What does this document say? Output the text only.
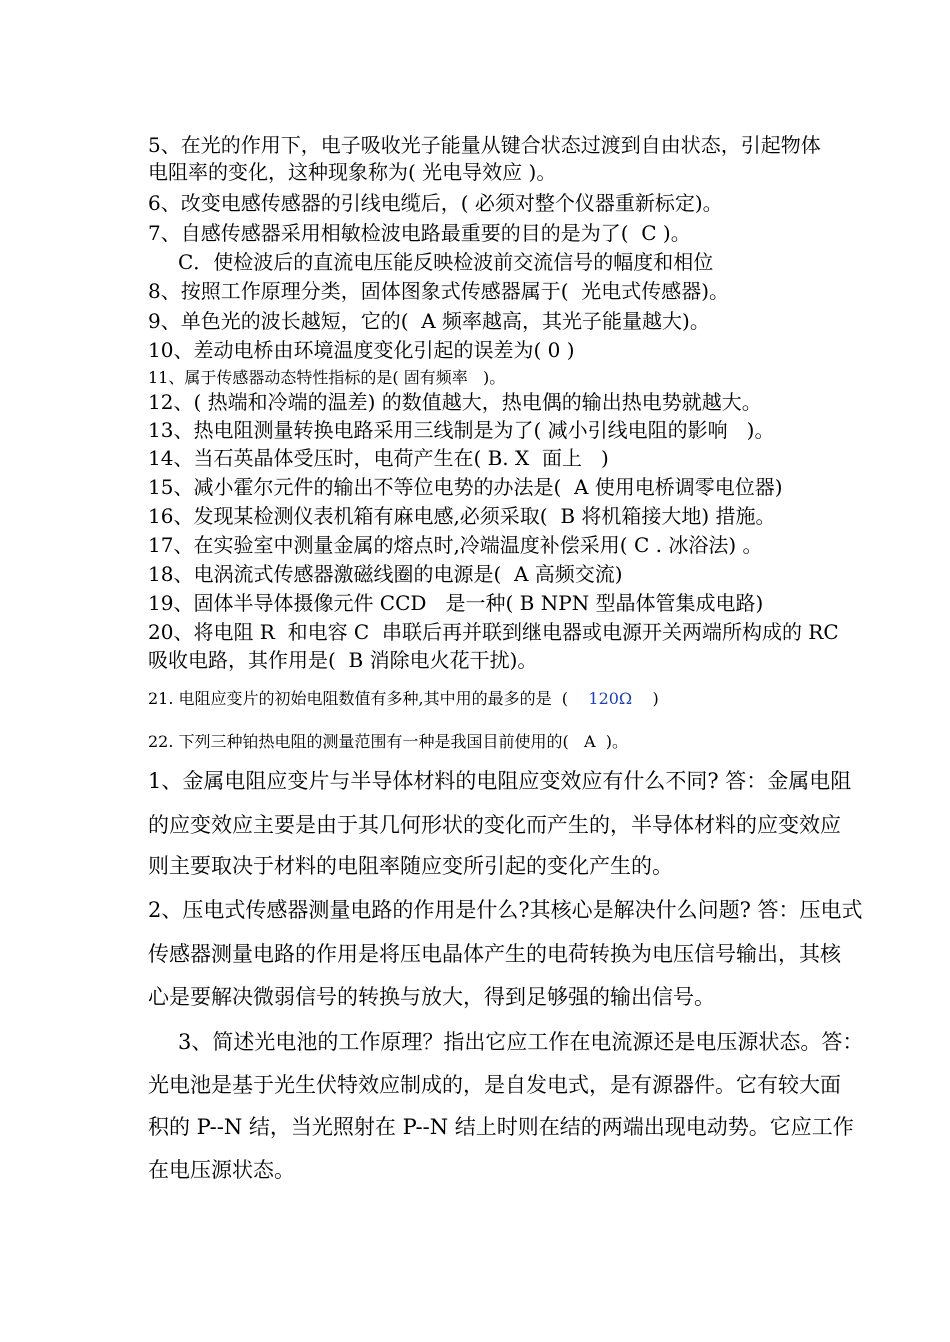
5、在光的作用下，电子吸收光子能量从键合状态过渡到自由状态，引起物体
电阻率的变化，这种现象称为( 光电导效应 )。
6、改变电感传感器的引线电缆后，( 必须对整个仪器重新标定)。
7、自感传感器采用相敏检波电路最重要的目的是为了(  C )。
C．使检波后的直流电压能反映检波前交流信号的幅度和相位
8、按照工作原理分类，固体图象式传感器属于(  光电式传感器)。
9、单色光的波长越短，它的(  A 频率越高，其光子能量越大)。
10、差动电桥由环境温度变化引起的误差为( 0 )
11、属于传感器动态特性指标的是( 固有频率   )。
12、( 热端和冷端的温差) 的数值越大，热电偶的输出热电势就越大。
13、热电阻测量转换电路采用三线制是为了( 减小引线电阻的影响   )。
14、当石英晶体受压时，电荷产生在( B. X  面上   )
15、减小霍尔元件的输出不等位电势的办法是(  A 使用电桥调零电位器)
16、发现某检测仪表机箱有麻电感,必须采取(  B 将机箱接大地) 措施。
17、在实验室中测量金属的熔点时,冷端温度补偿采用( C . 冰浴法) 。
18、电涡流式传感器激磁线圈的电源是(  A 高频交流)
19、固体半导体摄像元件 CCD   是一种( B NPN 型晶体管集成电路)
20、将电阻 R  和电容 C  串联后再并联到继电器或电源开关两端所构成的 RC
吸收电路，其作用是(  B 消除电火花干扰)。
21. 电阻应变片的初始电阻数值有多种,其中用的最多的是  (    120Ω    )
22. 下列三种铂热电阻的测量范围有一种是我国目前使用的(   A  )。
1、金属电阻应变片与半导体材料的电阻应变效应有什么不同? 答：金属电阻
的应变效应主要是由于其几何形状的变化而产生的，半导体材料的应变效应
则主要取决于材料的电阻率随应变所引起的变化产生的。
2、压电式传感器测量电路的作用是什么?其核心是解决什么问题? 答：压电式
传感器测量电路的作用是将压电晶体产生的电荷转换为电压信号输出，其核
心是要解决微弱信号的转换与放大，得到足够强的输出信号。
3、简述光电池的工作原理？指出它应工作在电流源还是电压源状态。答：
光电池是基于光生伏特效应制成的，是自发电式，是有源器件。它有较大面
积的 P--N 结，当光照射在 P--N 结上时则在结的两端出现电动势。它应工作
在电压源状态。
